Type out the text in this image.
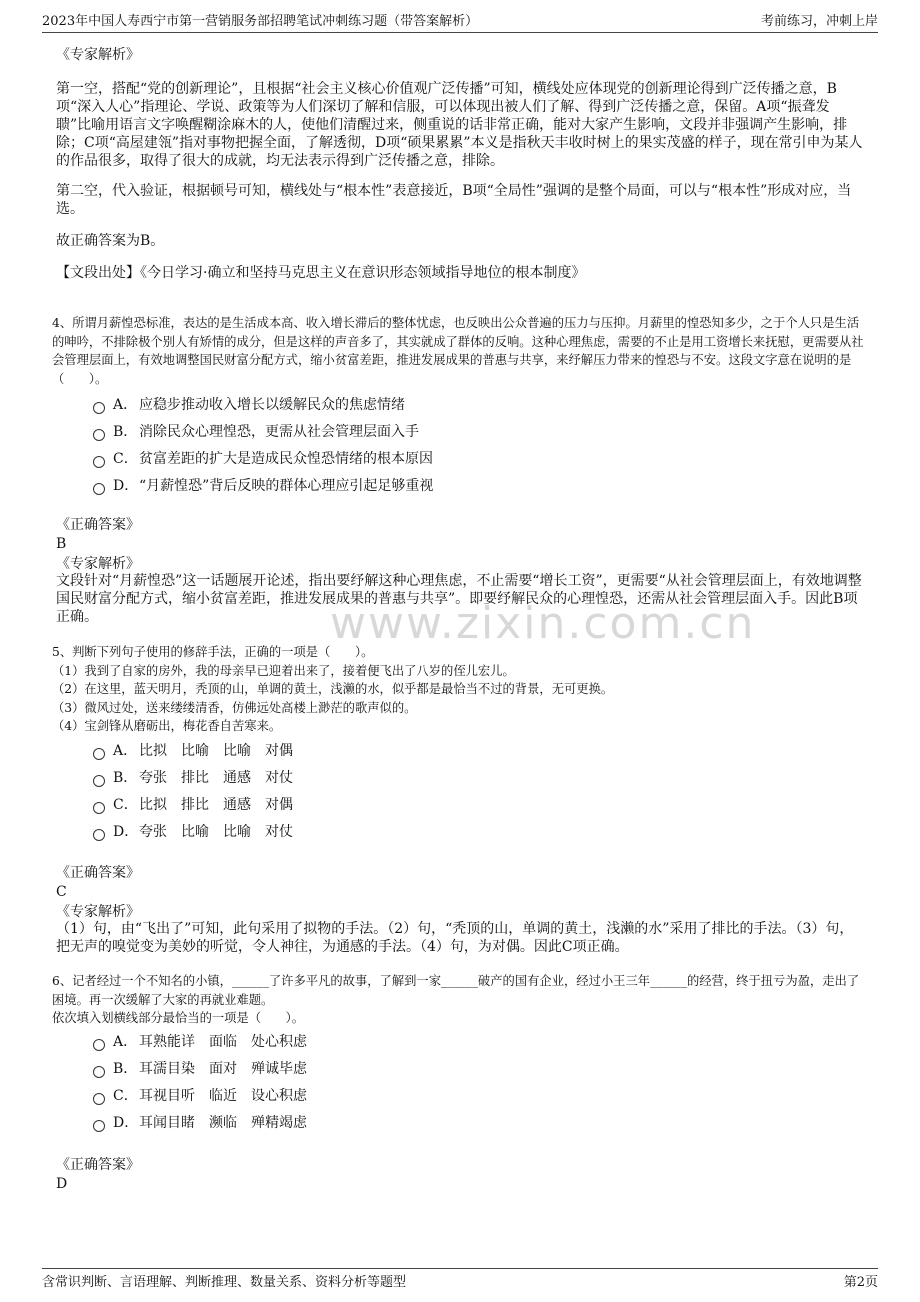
2023年中国人寿西宁市第一营销服务部招聘笔试冲刺练习题（带答案解析）	考前练习，冲刺上岸
www.zixin.com.cn
《专家解析》

第一空，搭配“党的创新理论”，且根据“社会主义核心价值观广泛传播”可知，横线处应体现党的创新理论得到广泛传播之意，B项“深入人心”指理论、学说、政策等为人们深切了解和信服，可以体现出被人们了解、得到广泛传播之意，保留。A项“振聋发聩”比喻用语言文字唤醒糊涂麻木的人，使他们清醒过来，侧重说的话非常正确，能对大家产生影响，文段并非强调产生影响，排除；C项“高屋建瓴”指对事物把握全面，了解透彻，D项“硕果累累”本义是指秋天丰收时树上的果实茂盛的样子，现在常引申为某人的作品很多，取得了很大的成就，均无法表示得到广泛传播之意，排除。

第二空，代入验证，根据顿号可知，横线处与“根本性”表意接近，B项“全局性”强调的是整个局面，可以与“根本性”形成对应，当选。

故正确答案为B。
【文段出处】《今日学习·确立和坚持马克思主义在意识形态领域指导地位的根本制度》

4、所谓月薪惶恐标准，表达的是生活成本高、收入增长滞后的整体忧虑，也反映出公众普遍的压力与压抑。月薪里的惶恐知多少，之于个人只是生活的呻吟，不排除极个别人有矫情的成分，但是这样的声音多了，其实就成了群体的反响。这种心理焦虑，需要的不止是用工资增长来抚慰，更需要从社会管理层面上，有效地调整国民财富分配方式，缩小贫富差距，推进发展成果的普惠与共享，来纾解压力带来的惶恐与不安。这段文字意在说明的是（　　）。

A． 应稳步推动收入增长以缓解民众的焦虑情绪
B． 消除民众心理惶恐，更需从社会管理层面入手
C． 贫富差距的扩大是造成民众惶恐情绪的根本原因
D． “月薪惶恐”背后反映的群体心理应引起足够重视
《正确答案》
B
《专家解析》

文段针对“月薪惶恐”这一话题展开论述，指出要纾解这种心理焦虑，不止需要“增长工资”，更需要“从社会管理层面上，有效地调整国民财富分配方式，缩小贫富差距，推进发展成果的普惠与共享”。即要纾解民众的心理惶恐，还需从社会管理层面入手。因此B项正确。

5、判断下列句子使用的修辞手法，正确的一项是（　　）。

（1）我到了自家的房外，我的母亲早已迎着出来了，接着便飞出了八岁的侄儿宏儿。

（2）在这里，蓝天明月，秃顶的山，单调的黄土，浅濑的水，似乎都是最恰当不过的背景，无可更换。

（3）微风过处，送来缕缕清香，仿佛远处高楼上渺茫的歌声似的。

（4）宝剑锋从磨砺出，梅花香自苦寒来。

A． 比拟　比喻　比喻　对偶
B． 夸张　排比　通感　对仗
C． 比拟　排比　通感　对偶
D． 夸张　比喻　比喻　对仗
《正确答案》
C
《专家解析》

（1）句，由“飞出了”可知，此句采用了拟物的手法。（2）句，“秃顶的山，单调的黄土，浅濑的水”采用了排比的手法。（3）句，把无声的嗅觉变为美妙的听觉，令人神往，为通感的手法。（4）句，为对偶。因此C项正确。

6、记者经过一个不知名的小镇，______了许多平凡的故事，了解到一家______破产的国有企业，经过小王三年______的经营，终于扭亏为盈，走出了困境。再一次缓解了大家的再就业难题。

依次填入划横线部分最恰当的一项是（　　）。

A． 耳熟能详　面临　处心积虑
B． 耳濡目染　面对　殚诚毕虑
C． 耳视目听　临近　设心积虑
D． 耳闻目睹　濒临　殚精竭虑
《正确答案》
D
含常识判断、言语理解、判断推理、数量关系、资料分析等题型	第2页
